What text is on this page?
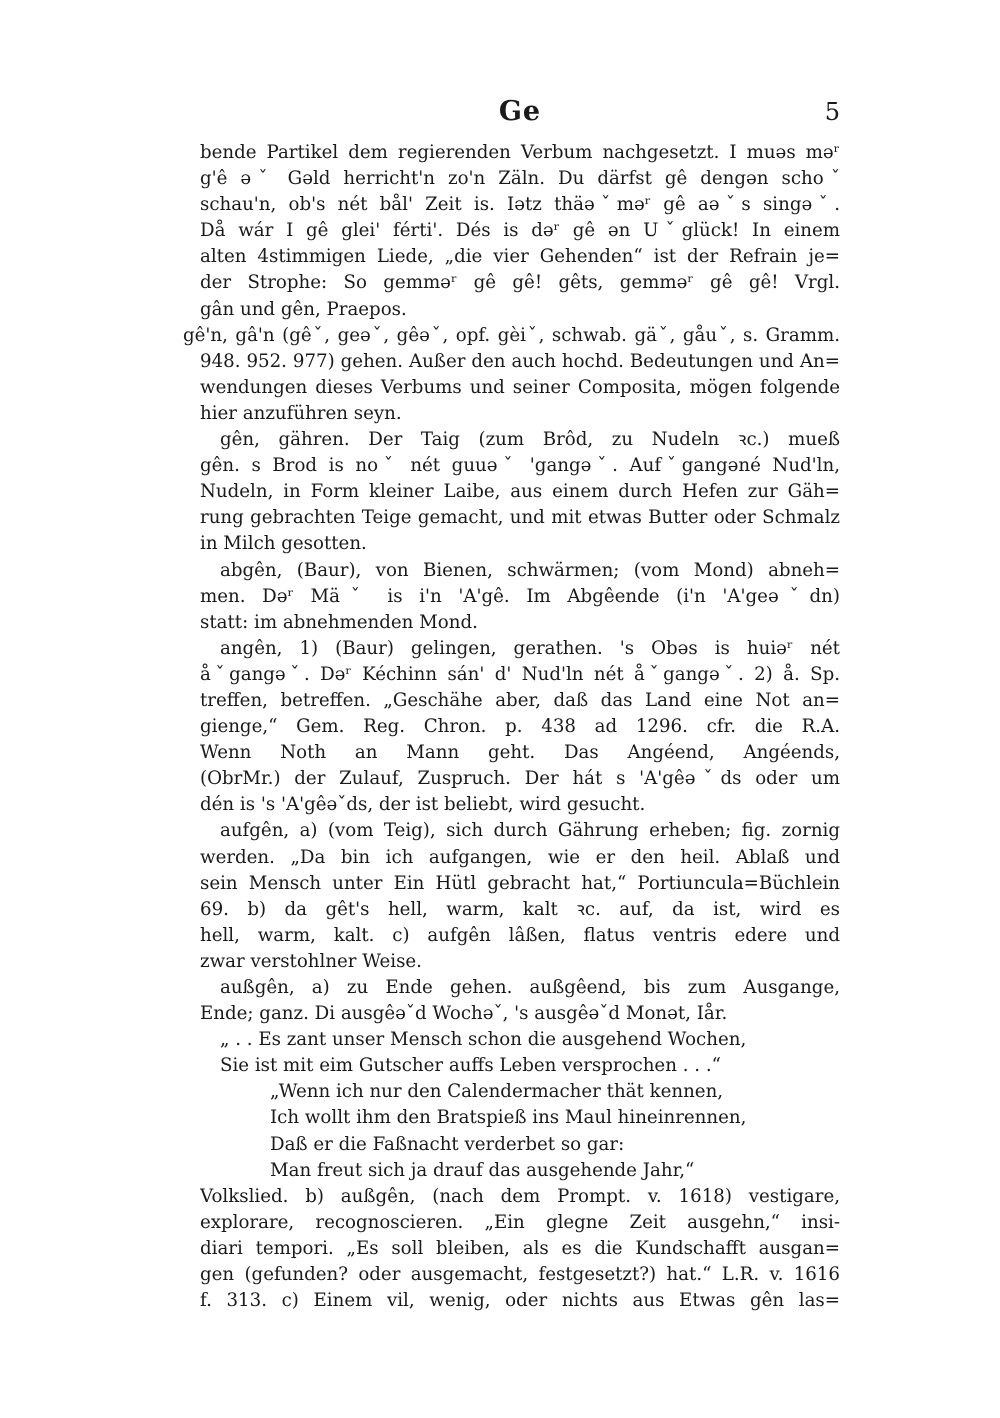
Ge	5
bende Partikel dem regierenden Verbum nachgesetzt. I muəs məʳ
g'ê əˇ Gəld herricht'n zo'n Zäln. Du därfst gê dengən schoˇ
schau'n, ob's nét bål' Zeit is. Iətz thäəˇməʳ gê aəˇs singəˇ.
Då wár I gê glei' férti'. Dés is dəʳ gê ən Uˇglück! In einem
alten 4stimmigen Liede, „die vier Gehenden“ ist der Refrain je=
der Strophe: So gemməʳ gê gê! gêts, gemməʳ gê gê! Vrgl.
gân und gên, Praepos.
gê'n, gâ'n (gêˇ, geəˇ, gêəˇ, opf. gèiˇ, schwab. gäˇ, gåuˇ, s. Gramm.
948. 952. 977) gehen. Außer den auch hochd. Bedeutungen und An=
wendungen dieses Verbums und seiner Composita, mögen folgende
hier anzuführen seyn.
gên, gähren. Der Taig (zum Brôd, zu Nudeln ꝛc.) mueß
gên. s Brod is noˇ nét guuəˇ 'gangəˇ. Aufˇgangəné Nud'ln,
Nudeln, in Form kleiner Laibe, aus einem durch Hefen zur Gäh=
rung gebrachten Teige gemacht, und mit etwas Butter oder Schmalz
in Milch gesotten.
abgên, (Baur), von Bienen, schwärmen; (vom Mond) abneh=
men. Dəʳ Mäˇ is i'n 'A'gê. Im Abgêende (i'n 'A'geəˇdn)
statt: im abnehmenden Mond.
angên, 1) (Baur) gelingen, gerathen. 's Obəs is huiəʳ nét
åˇgangəˇ. Dəʳ Kéchinn sán' d' Nud'ln nét åˇgangəˇ. 2) å. Sp.
treffen, betreffen. „Geschähe aber, daß das Land eine Not an=
gienge,“ Gem. Reg. Chron. p. 438 ad 1296. cfr. die R.A.
Wenn Noth an Mann geht. Das Angéend, Angéends,
(ObrMr.) der Zulauf, Zuspruch. Der hát s 'A'gêəˇds oder um
dén is 's 'A'gêəˇds, der ist beliebt, wird gesucht.
aufgên, a) (vom Teig), sich durch Gährung erheben; fig. zornig
werden. „Da bin ich aufgangen, wie er den heil. Ablaß und
sein Mensch unter Ein Hütl gebracht hat,“ Portiuncula=Büchlein
69. b) da gêt's hell, warm, kalt ꝛc. auf, da ist, wird es
hell, warm, kalt. c) aufgên lâßen, flatus ventris edere und
zwar verstohlner Weise.
außgên, a) zu Ende gehen. außgêend, bis zum Ausgange,
Ende; ganz. Di ausgêəˇd Wochəˇ, 's ausgêəˇd Monət, Iår.
„ . . Es zant unser Mensch schon die ausgehend Wochen,
Sie ist mit eim Gutscher auffs Leben versprochen . . .“
„Wenn ich nur den Calendermacher thät kennen,
Ich wollt ihm den Bratspieß ins Maul hineinrennen,
Daß er die Faßnacht verderbet so gar:
Man freut sich ja drauf das ausgehende Jahr,“
Volkslied. b) außgên, (nach dem Prompt. v. 1618) vestigare,
explorare, recognoscieren. „Ein glegne Zeit ausgehn,“ insi-
diari tempori. „Es soll bleiben, als es die Kundschafft ausgan=
gen (gefunden? oder ausgemacht, festgesetzt?) hat.“ L.R. v. 1616
f. 313. c) Einem vil, wenig, oder nichts aus Etwas gên las=
